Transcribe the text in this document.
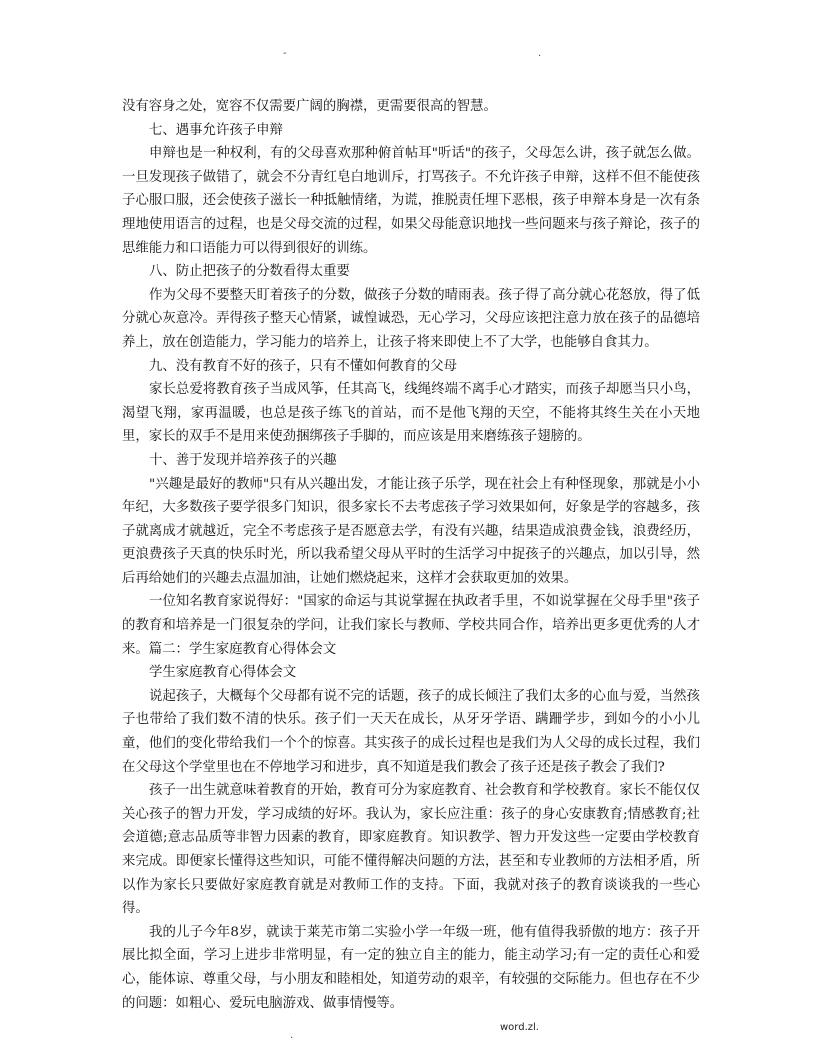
-	.

没有容身之处，宽容不仅需要广阔的胸襟，更需要很高的智慧。

七、遇事允许孩子申辩

申辩也是一种权利，有的父母喜欢那种俯首帖耳"听话"的孩子，父母怎么讲，孩子就怎么做。一旦发现孩子做错了，就会不分青红皂白地训斥，打骂孩子。不允许孩子申辩，这样不但不能使孩子心服口服，还会使孩子滋长一种抵触情绪，为谎，推脱责任埋下恶根，孩子申辩本身是一次有条理地使用语言的过程，也是父母交流的过程，如果父母能意识地找一些问题来与孩子辩论，孩子的思维能力和口语能力可以得到很好的训练。

八、防止把孩子的分数看得太重要

作为父母不要整天盯着孩子的分数，做孩子分数的晴雨表。孩子得了高分就心花怒放，得了低分就心灰意冷。弄得孩子整天心情紧，诚惶诚恐，无心学习，父母应该把注意力放在孩子的品德培养上，放在创造能力，学习能力的培养上，让孩子将来即使上不了大学，也能够自食其力。

九、没有教育不好的孩子，只有不懂如何教育的父母

家长总爱将教育孩子当成风筝，任其高飞，线绳终端不离手心才踏实，而孩子却愿当只小鸟，渴望飞翔，家再温暖，也总是孩子练飞的首站，而不是他飞翔的天空，不能将其终生关在小天地里，家长的双手不是用来使劲捆绑孩子手脚的，而应该是用来磨练孩子翅膀的。

十、善于发现并培养孩子的兴趣

"兴趣是最好的教师"只有从兴趣出发，才能让孩子乐学，现在社会上有种怪现象，那就是小小年纪，大多数孩子要学很多门知识，很多家长不去考虑孩子学习效果如何，好象是学的容越多，孩子就离成才就越近，完全不考虑孩子是否愿意去学，有没有兴趣，结果造成浪费金钱，浪费经历，更浪费孩子天真的快乐时光，所以我希望父母从平时的生活学习中捉孩子的兴趣点，加以引导，然后再给她们的兴趣去点温加油，让她们燃烧起来，这样才会获取更加的效果。

一位知名教育家说得好："国家的命运与其说掌握在执政者手里，不如说掌握在父母手里"孩子的教育和培养是一门很复杂的学问，让我们家长与教师、学校共同合作，培养出更多更优秀的人才来。篇二：学生家庭教育心得体会文

学生家庭教育心得体会文

说起孩子，大概每个父母都有说不完的话题，孩子的成长倾注了我们太多的心血与爱，当然孩子也带给了我们数不清的快乐。孩子们一天天在成长，从牙牙学语、蹒跚学步，到如今的小小儿童，他们的变化带给我们一个个的惊喜。其实孩子的成长过程也是我们为人父母的成长过程，我们在父母这个学堂里也在不停地学习和进步，真不知道是我们教会了孩子还是孩子教会了我们?

孩子一出生就意味着教育的开始，教育可分为家庭教育、社会教育和学校教育。家长不能仅仅关心孩子的智力开发，学习成绩的好坏。我认为，家长应注重：孩子的身心安康教育;情感教育;社会道德;意志品质等非智力因素的教育，即家庭教育。知识教学、智力开发这些一定要由学校教育来完成。即便家长懂得这些知识，可能不懂得解决问题的方法，甚至和专业教师的方法相矛盾，所以作为家长只要做好家庭教育就是对教师工作的支持。下面，我就对孩子的教育谈谈我的一些心得。

我的儿子今年8岁，就读于莱芜市第二实验小学一年级一班，他有值得我骄傲的地方：孩子开展比拟全面，学习上进步非常明显，有一定的独立自主的能力，能主动学习;有一定的责任心和爱心，能体谅、尊重父母，与小朋友和睦相处，知道劳动的艰辛，有较强的交际能力。但也存在不少的问题：如粗心、爱玩电脑游戏、做事情慢等。

.
word.zl.
